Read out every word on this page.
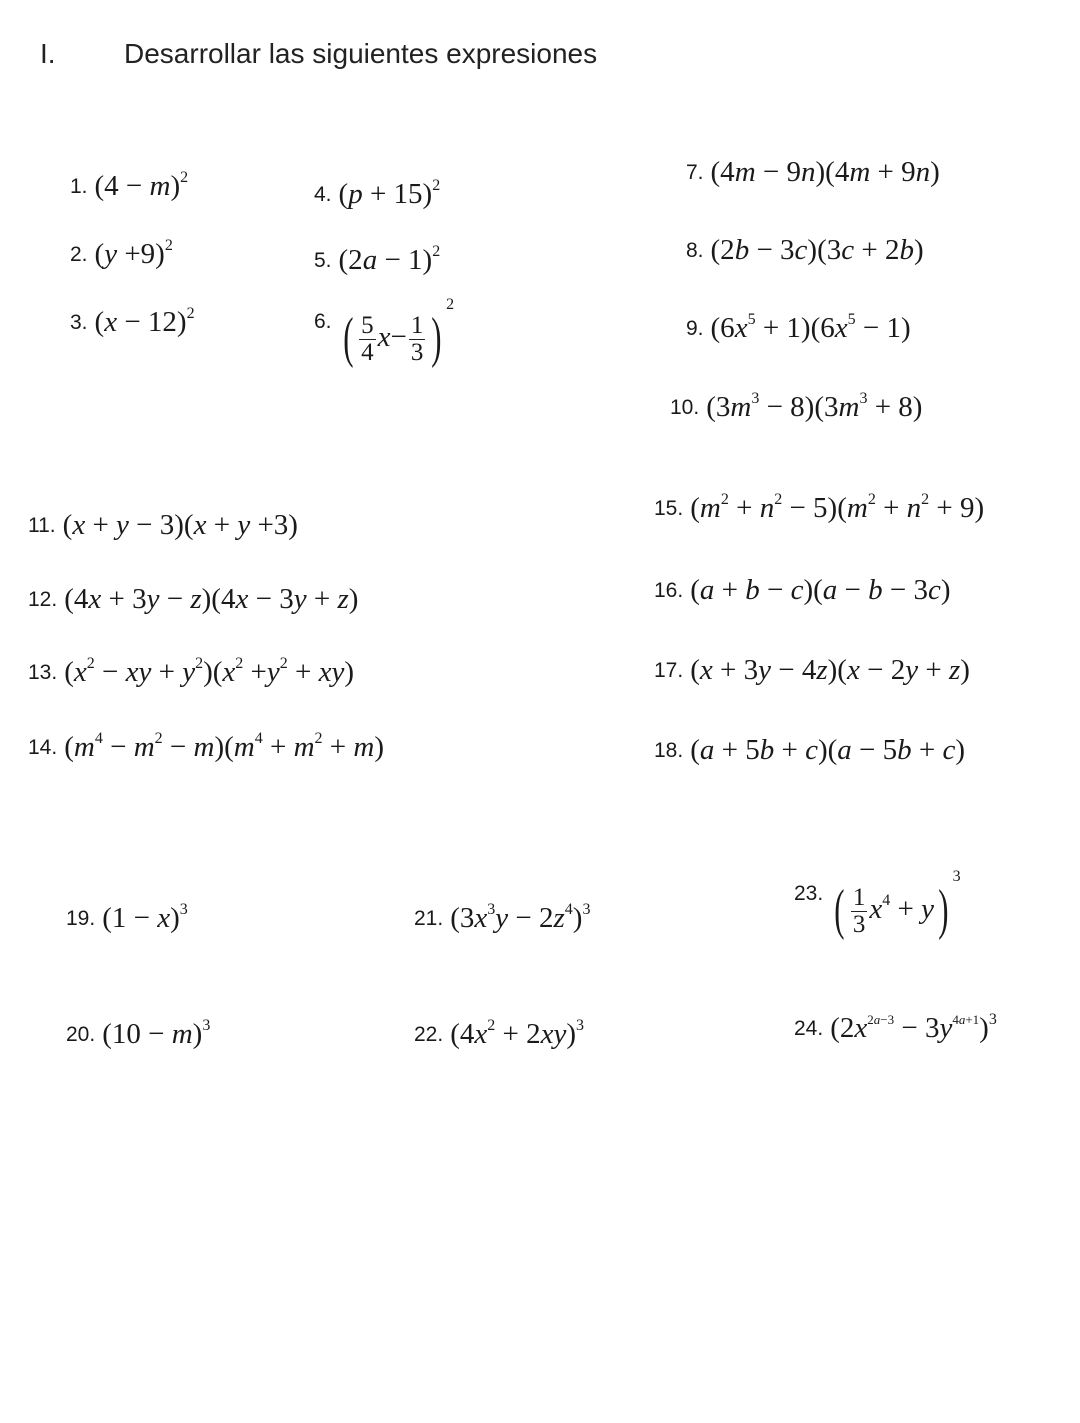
I. Desarrollar las siguientes expresiones
1. $(4 - m)^2$
2. $(y +9)^2$
3. $(x - 12)^2$
4. $(p + 15)^2$
5. $(2a - 1)^2$
$^{6.}$ ( $\frac{5}{4} x- \frac{1}{3} )^2$
7. (4m − 9n)(4m + 9n)
8. (2b − 3c)(3c + 2b)
9. $(6x^5 + 1)(6x^5 - 1)$
10. $(3m^3 - 8)(3m^3 + 8)$
11. (x + y − 3)(x + y +3)
12. (4x + 3y − z)(4x − 3y + z)
13. ($x^2$ − xy + $y^2)(x^2 +y^2 + xy)$
14. $(m^4 - m^2 - m)(m^4 + m^2 + m)$
15. $(m^2 + n^2 - 5)(m^2 + n^2 + 9)$
16. (a + b − c)(a − b − 3c)
17. (x + 3y − 4z)(x − 2y + z)
18. (a + 5b + c)(a − 5b + c)
19. $(1 - x)^3$
20. $(10 - m)^3$
21. $(3x^3y - 2z^4)^3$
22. $(4x^2 + 2xy)^3$
$^{23.}$ ( $\frac{1}{3} x^4 + y)^3$
24. $(2x^{2a-3} - 3y^{4a+1})^3$
